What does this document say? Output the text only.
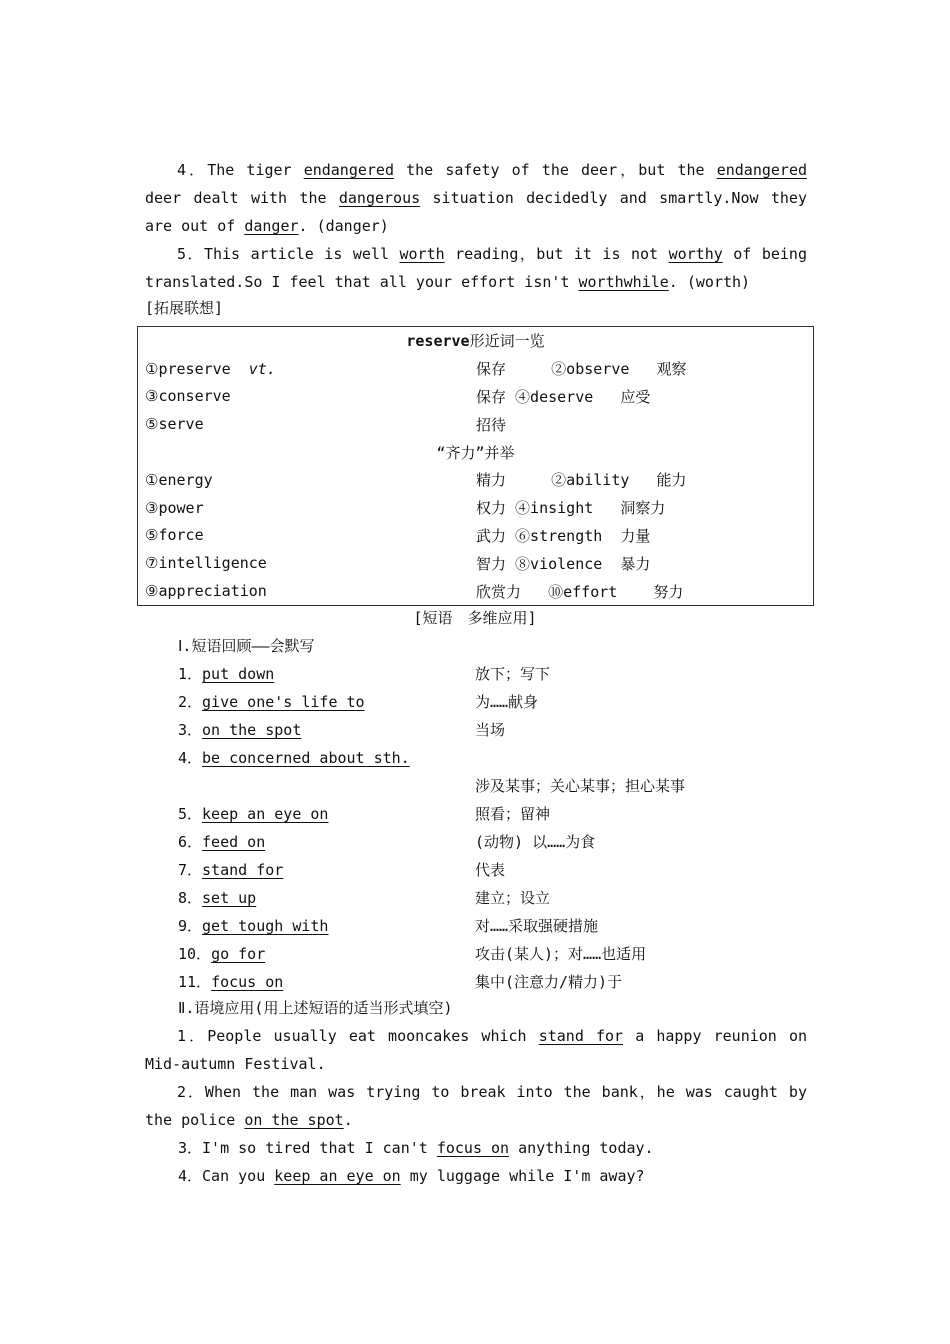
4．The tiger endangered the safety of the deer，but the endangered deer dealt with the dangerous situation decidedly and smartly.Now they are out of danger. (danger)
5．This article is well worth reading，but it is not worthy of being translated.So I feel that all your effort isn't worthwhile. (worth)
[拓展联想]
reserve形近词一览	
①preserve vt.	保存 ②observe 观察
③conserve	保存 ④deserve 应受
⑤serve	招待
“齐力”并举	
①energy	精力 ②ability 能力
③power	权力 ④insight 洞察力
⑤force	武力 ⑥strength 力量
⑦intelligence	智力 ⑧violence 暴力
⑨appreciation	欣赏力 ⑩effort 努力
[短语　多维应用]
Ⅰ.短语回顾——会默写
1．put down	放下；写下
2．give one's life to	为……献身
3．on the spot	当场
4．be concerned about sth.
涉及某事；关心某事；担心某事
5．keep an eye on	照看；留神
6．feed on	(动物) 以……为食
7．stand for	代表
8．set up	建立；设立
9．get tough with	对……采取强硬措施
10．go for	攻击(某人)；对……也适用
11．focus on	集中(注意力/精力)于
Ⅱ.语境应用(用上述短语的适当形式填空)
1．People usually eat mooncakes which stand for a happy reunion on Mid-autumn Festival.
2．When the man was trying to break into the bank，he was caught by the police on the spot.
3．I'm so tired that I can't focus on anything today.
4．Can you keep an eye on my luggage while I'm away?
